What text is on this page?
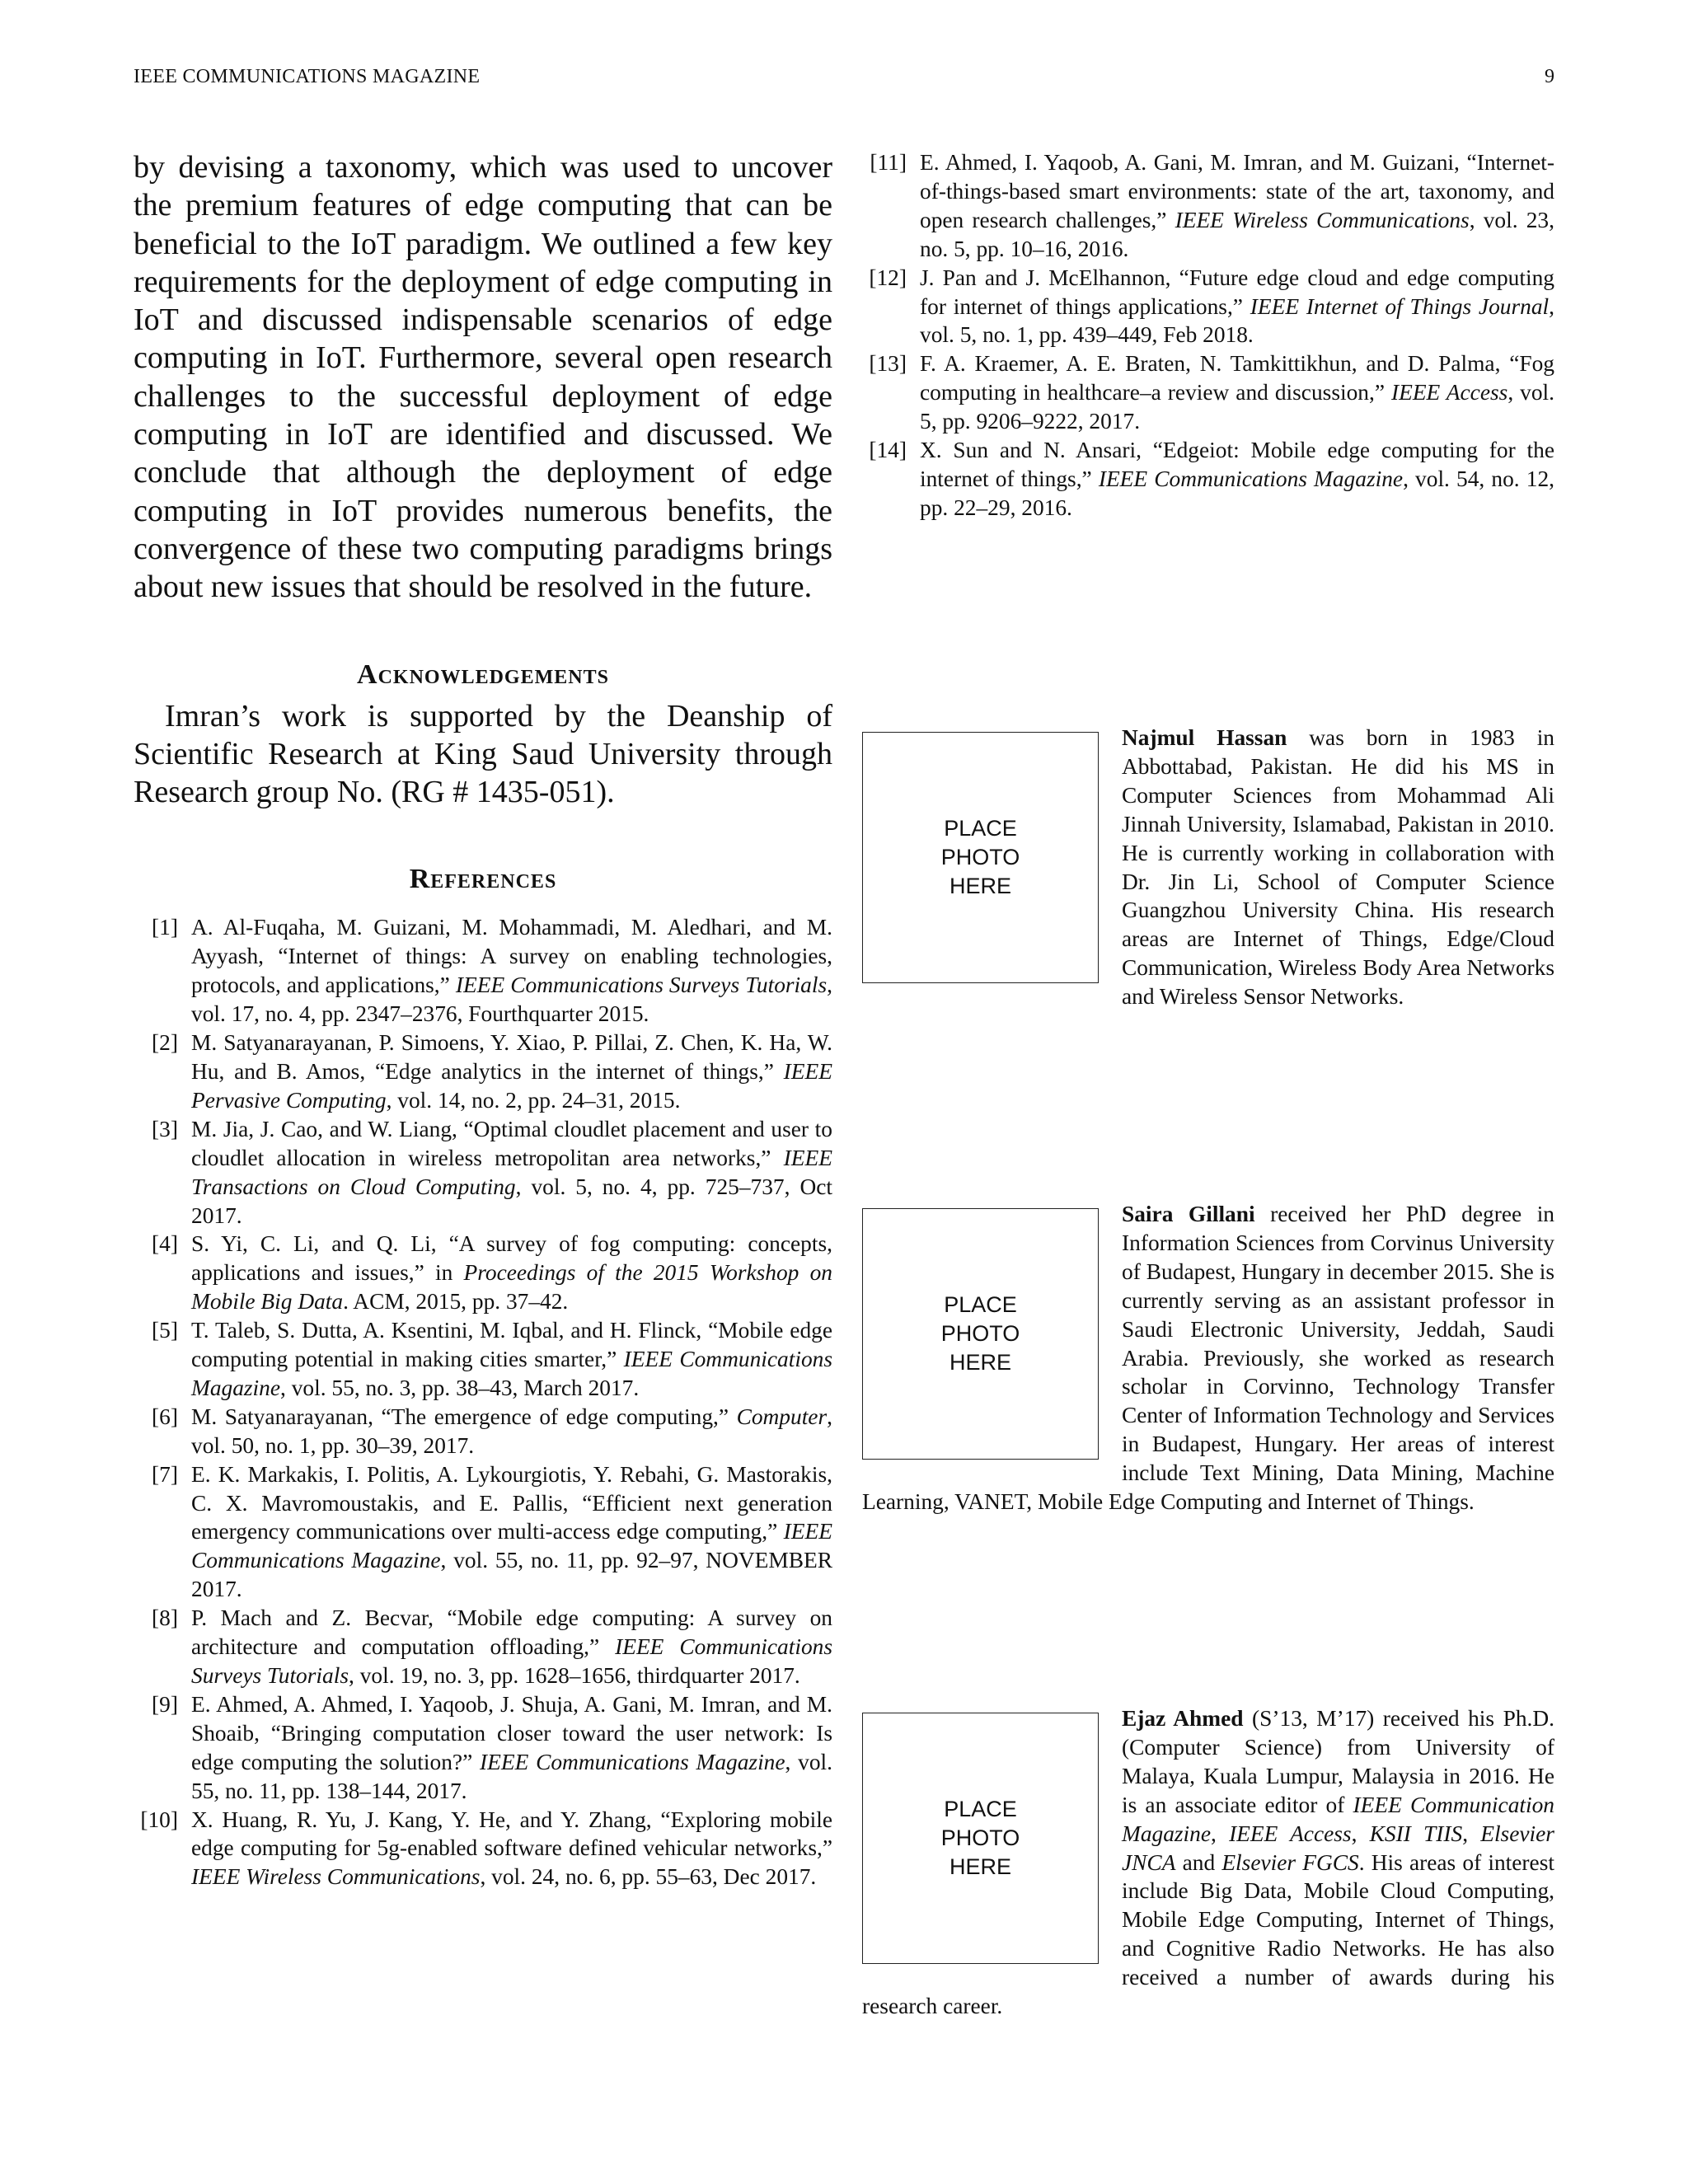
IEEE COMMUNICATIONS MAGAZINE	9

by devising a taxonomy, which was used to uncover the premium features of edge computing that can be beneficial to the IoT paradigm. We outlined a few key requirements for the deployment of edge computing in IoT and discussed indispensable scenarios of edge computing in IoT. Furthermore, several open research challenges to the successful deployment of edge computing in IoT are identified and discussed. We conclude that although the deployment of edge computing in IoT provides numerous benefits, the convergence of these two computing paradigms brings about new issues that should be resolved in the future.

Acknowledgements

Imran’s work is supported by the Deanship of Scientific Research at King Saud University through Research group No. (RG # 1435-051).

References
[1] A. Al-Fuqaha, M. Guizani, M. Mohammadi, M. Aledhari, and M. Ayyash, “Internet of things: A survey on enabling technologies, protocols, and applications,” IEEE Communications Surveys Tutorials, vol. 17, no. 4, pp. 2347–2376, Fourthquarter 2015.
[2] M. Satyanarayanan, P. Simoens, Y. Xiao, P. Pillai, Z. Chen, K. Ha, W. Hu, and B. Amos, “Edge analytics in the internet of things,” IEEE Pervasive Computing, vol. 14, no. 2, pp. 24–31, 2015.
[3] M. Jia, J. Cao, and W. Liang, “Optimal cloudlet placement and user to cloudlet allocation in wireless metropolitan area networks,” IEEE Transactions on Cloud Computing, vol. 5, no. 4, pp. 725–737, Oct 2017.
[4] S. Yi, C. Li, and Q. Li, “A survey of fog computing: concepts, applications and issues,” in Proceedings of the 2015 Workshop on Mobile Big Data. ACM, 2015, pp. 37–42.
[5] T. Taleb, S. Dutta, A. Ksentini, M. Iqbal, and H. Flinck, “Mobile edge computing potential in making cities smarter,” IEEE Communications Magazine, vol. 55, no. 3, pp. 38–43, March 2017.
[6] M. Satyanarayanan, “The emergence of edge computing,” Computer, vol. 50, no. 1, pp. 30–39, 2017.
[7] E. K. Markakis, I. Politis, A. Lykourgiotis, Y. Rebahi, G. Mastorakis, C. X. Mavromoustakis, and E. Pallis, “Efficient next generation emergency communications over multi-access edge computing,” IEEE Communications Magazine, vol. 55, no. 11, pp. 92–97, NOVEMBER 2017.
[8] P. Mach and Z. Becvar, “Mobile edge computing: A survey on architecture and computation offloading,” IEEE Communications Surveys Tutorials, vol. 19, no. 3, pp. 1628–1656, thirdquarter 2017.
[9] E. Ahmed, A. Ahmed, I. Yaqoob, J. Shuja, A. Gani, M. Imran, and M. Shoaib, “Bringing computation closer toward the user network: Is edge computing the solution?” IEEE Communications Magazine, vol. 55, no. 11, pp. 138–144, 2017.
[10] X. Huang, R. Yu, J. Kang, Y. He, and Y. Zhang, “Exploring mobile edge computing for 5g-enabled software defined vehicular networks,” IEEE Wireless Communications, vol. 24, no. 6, pp. 55–63, Dec 2017.
[11] E. Ahmed, I. Yaqoob, A. Gani, M. Imran, and M. Guizani, “Internet-of-things-based smart environments: state of the art, taxonomy, and open research challenges,” IEEE Wireless Communications, vol. 23, no. 5, pp. 10–16, 2016.
[12] J. Pan and J. McElhannon, “Future edge cloud and edge computing for internet of things applications,” IEEE Internet of Things Journal, vol. 5, no. 1, pp. 439–449, Feb 2018.
[13] F. A. Kraemer, A. E. Braten, N. Tamkittikhun, and D. Palma, “Fog computing in healthcare–a review and discussion,” IEEE Access, vol. 5, pp. 9206–9222, 2017.
[14] X. Sun and N. Ansari, “Edgeiot: Mobile edge computing for the internet of things,” IEEE Communications Magazine, vol. 54, no. 12, pp. 22–29, 2016.
PLACE
PHOTO
HERE
Najmul Hassan was born in 1983 in Abbottabad, Pakistan. He did his MS in Computer Sciences from Mohammad Ali Jinnah University, Islamabad, Pakistan in 2010. He is currently working in collaboration with Dr. Jin Li, School of Computer Science Guangzhou University China. His research areas are Internet of Things, Edge/Cloud Communication, Wireless Body Area Networks and Wireless Sensor Networks.
PLACE
PHOTO
HERE
Saira Gillani received her PhD degree in Information Sciences from Corvinus University of Budapest, Hungary in december 2015. She is currently serving as an assistant professor in Saudi Electronic University, Jeddah, Saudi Arabia. Previously, she worked as research scholar in Corvinno, Technology Transfer Center of Information Technology and Services in Budapest, Hungary. Her areas of interest include Text Mining, Data Mining, Machine Learning, VANET, Mobile Edge Computing and Internet of Things.
PLACE
PHOTO
HERE
Ejaz Ahmed (S’13, M’17) received his Ph.D. (Computer Science) from University of Malaya, Kuala Lumpur, Malaysia in 2016. He is an associate editor of IEEE Communication Magazine, IEEE Access, KSII TIIS, Elsevier JNCA and Elsevier FGCS. His areas of interest include Big Data, Mobile Cloud Computing, Mobile Edge Computing, Internet of Things, and Cognitive Radio Networks. He has also received a number of awards during his research career.
